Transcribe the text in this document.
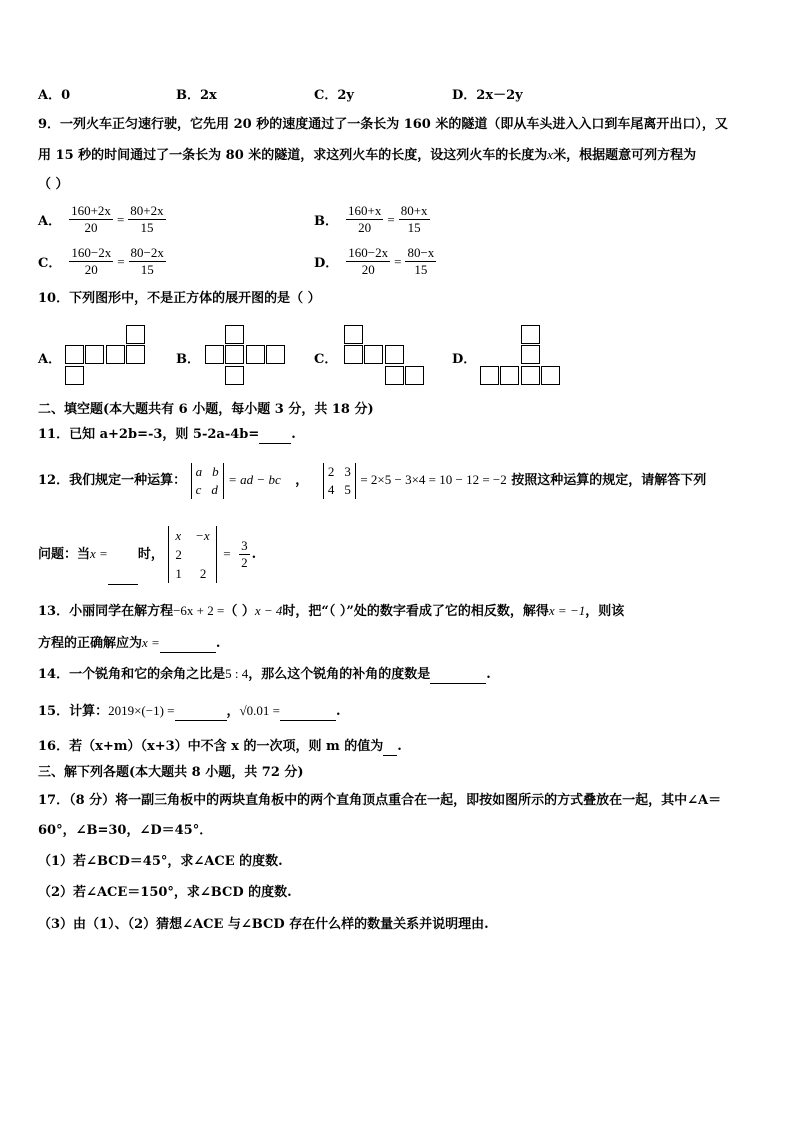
A．0	B．2x	C．2y	D．2x－2y
9．一列火车正匀速行驶，它先用 20 秒的速度通过了一条长为 160 米的隧道（即从车头进入入口到车尾离开出口），又
用 15 秒的时间通过了一条长为 80 米的隧道，求这列火车的长度，设这列火车的长度为x米，根据题意可列方程为
（ ）
A． $\frac{160+2x}{20} = \frac{80+2x}{15}$	B． $\frac{160+x}{20} = \frac{80+x}{15}$
C． $\frac{160-2x}{20} = \frac{80-2x}{15}$	D． $\frac{160-2x}{20} = \frac{80-x}{15}$
10．下列图形中，不是正方体的展开图的是（ ）
A．	B．	C．	D．
二、填空题(本大题共有 6 小题，每小题 3 分，共 18 分)
11．已知 a+2b=-3，则 5-2a-4b= .
12．我们规定一种运算：
a b
c d
= ad − bc ，
2 3
4 5
= 2×5 − 3×4 = 10 − 12 = −2 按照这种运算的规定，请解答下列
问题：当x = 时，
x −x
2
1 2
= $\frac{3}{2}$ .
13．小丽同学在解方程−6x + 2 =（ ）x − 4时，把“（ ）”处的数字看成了它的相反数，解得x = −1，则该
方程的正确解应为x =	.
14．一个锐角和它的余角之比是5 : 4，那么这个锐角的补角的度数是	.
15．计算：2019×(−1) =	，√0.01 =	.
16．若（x+m）（x+3）中不含 x 的一次项，则 m 的值为 .
三、解下列各题(本大题共 8 小题，共 72 分)
17．（8 分）将一副三角板中的两块直角板中的两个直角顶点重合在一起，即按如图所示的方式叠放在一起，其中∠A＝
60°，∠B=30，∠D＝45°．
（1）若∠BCD＝45°，求∠ACE 的度数.
（2）若∠ACE＝150°，求∠BCD 的度数.
（3）由（1）、（2）猜想∠ACE 与∠BCD 存在什么样的数量关系并说明理由.
